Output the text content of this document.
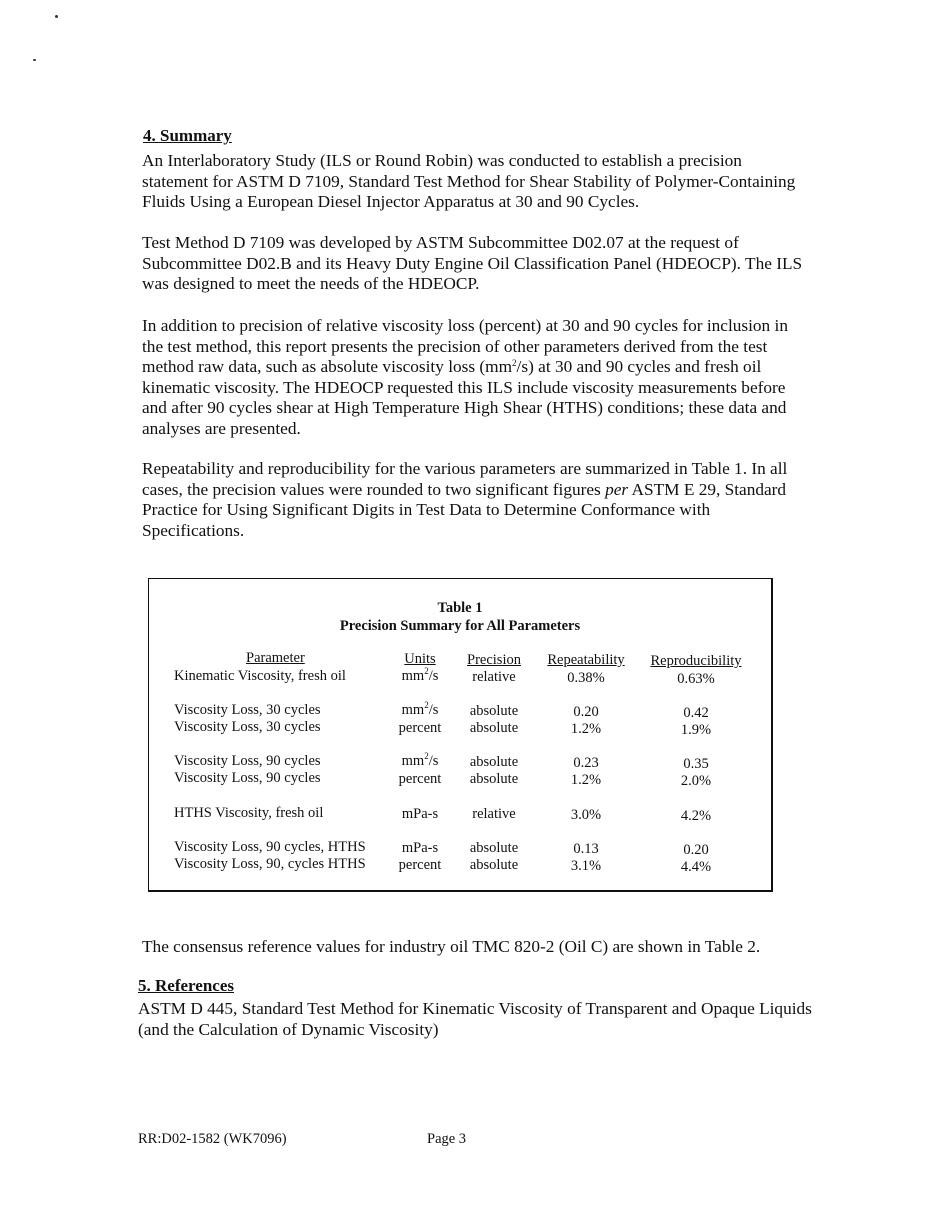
4. Summary

An Interlaboratory Study (ILS or Round Robin) was conducted to establish a precision statement for ASTM D 7109, Standard Test Method for Shear Stability of Polymer-Containing Fluids Using a European Diesel Injector Apparatus at 30 and 90 Cycles.

Test Method D 7109 was developed by ASTM Subcommittee D02.07 at the request of Subcommittee D02.B and its Heavy Duty Engine Oil Classification Panel (HDEOCP). The ILS was designed to meet the needs of the HDEOCP.

In addition to precision of relative viscosity loss (percent) at 30 and 90 cycles for inclusion in the test method, this report presents the precision of other parameters derived from the test method raw data, such as absolute viscosity loss $(mm^2/s)$ at 30 and 90 cycles and fresh oil kinematic viscosity. The HDEOCP requested this ILS include viscosity measurements before and after 90 cycles shear at High Temperature High Shear (HTHS) conditions; these data and analyses are presented.

Repeatability and reproducibility for the various parameters are summarized in Table 1. In all cases, the precision values were rounded to two significant figures per ASTM E 29, Standard Practice for Using Significant Digits in Test Data to Determine Conformance with Specifications.

Table 1
Precision Summary for All Parameters
Parameter	Units	Precision	Repeatability	Reproducibility
Kinematic Viscosity, fresh oil	$mm^2/s$	relative	0.38%	0.63%
Viscosity Loss, 30 cycles	$mm^2/s$	absolute	0.20	0.42
Viscosity Loss, 30 cycles	percent	absolute	1.2%	1.9%
Viscosity Loss, 90 cycles	$mm^2/s$	absolute	0.23	0.35
Viscosity Loss, 90 cycles	percent	absolute	1.2%	2.0%
HTHS Viscosity, fresh oil	mPa-s	relative	3.0%	4.2%
Viscosity Loss, 90 cycles, HTHS	mPa-s	absolute	0.13	0.20
Viscosity Loss, 90, cycles HTHS	percent	absolute	3.1%	4.4%

The consensus reference values for industry oil TMC 820-2 (Oil C) are shown in Table 2.

5. References

ASTM D 445, Standard Test Method for Kinematic Viscosity of Transparent and Opaque Liquids (and the Calculation of Dynamic Viscosity)

RR:D02-1582 (WK7096)	Page 3
